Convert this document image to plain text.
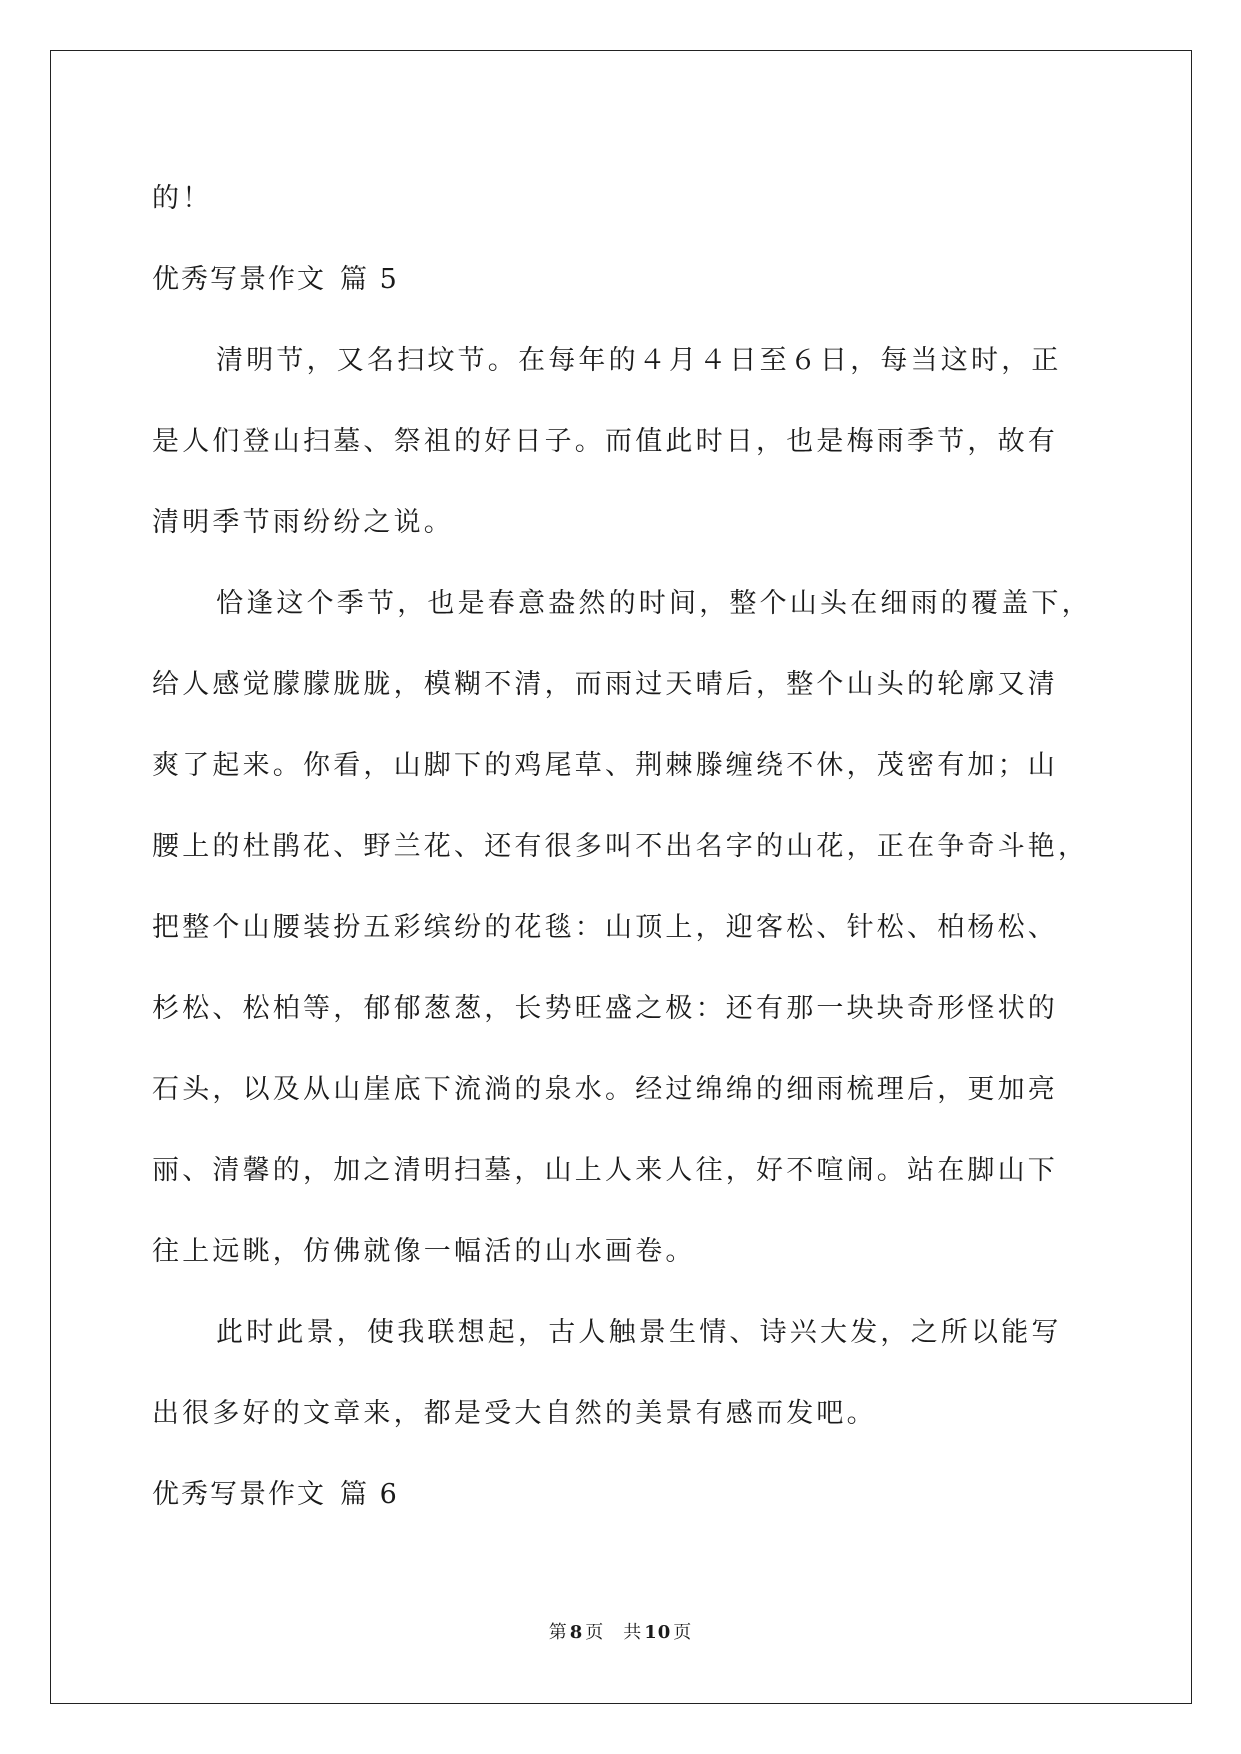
的！
优秀写景作文 篇 5
清明节，又名扫坟节。在每年的４月４日至６日，每当这时，正
是人们登山扫墓、祭祖的好日子。而值此时日，也是梅雨季节，故有
清明季节雨纷纷之说。
恰逢这个季节，也是春意盎然的时间，整个山头在细雨的覆盖下，
给人感觉朦朦胧胧，模糊不清，而雨过天晴后，整个山头的轮廓又清
爽了起来。你看，山脚下的鸡尾草、荆棘滕缠绕不休，茂密有加；山
腰上的杜鹃花、野兰花、还有很多叫不出名字的山花，正在争奇斗艳，
把整个山腰装扮五彩缤纷的花毯：山顶上，迎客松、针松、柏杨松、
杉松、松柏等，郁郁葱葱，长势旺盛之极：还有那一块块奇形怪状的
石头，以及从山崖底下流淌的泉水。经过绵绵的细雨梳理后，更加亮
丽、清馨的，加之清明扫墓，山上人来人往，好不喧闹。站在脚山下
往上远眺，仿佛就像一幅活的山水画卷。
此时此景，使我联想起，古人触景生情、诗兴大发，之所以能写
出很多好的文章来，都是受大自然的美景有感而发吧。
优秀写景作文 篇 6
第 8 页　共 10 页
